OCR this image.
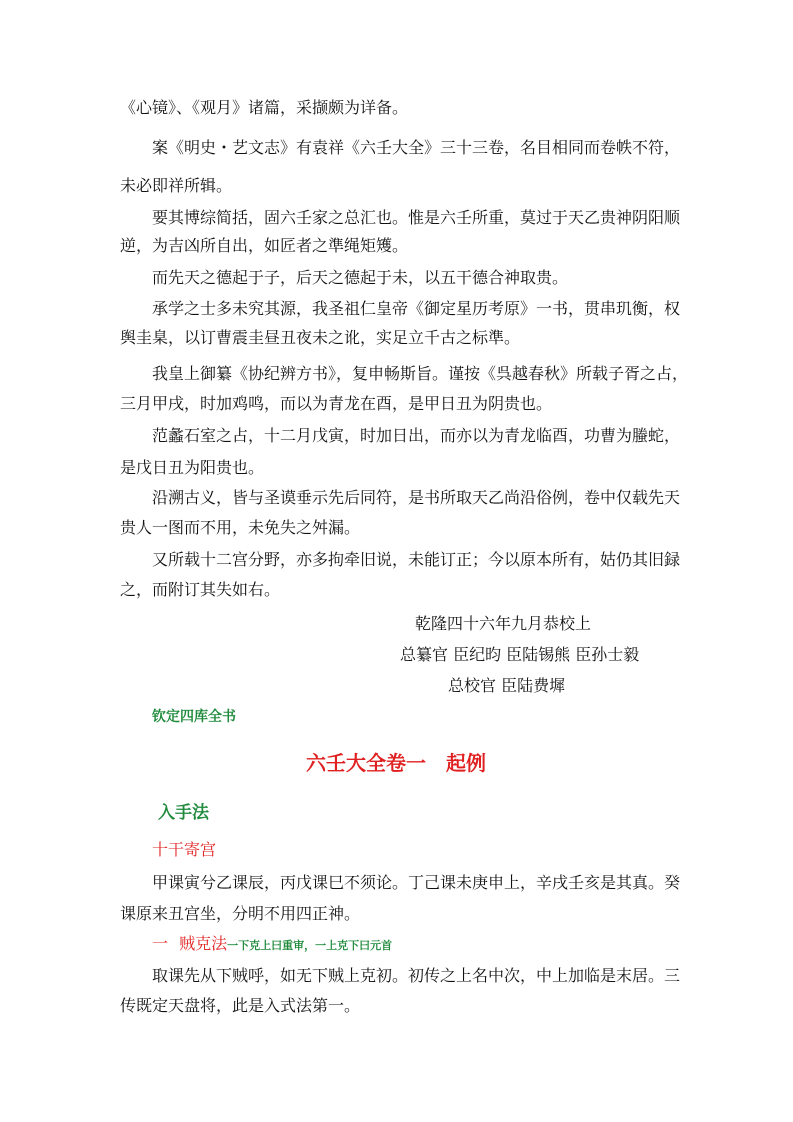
《心镜》、《观月》诸篇，采撷颇为详备。
案《明史・艺文志》有袁祥《六壬大全》三十三卷，名目相同而卷帙不符，
未必即祥所辑。
要其博综简括，固六壬家之总汇也。惟是六壬所重，莫过于天乙贵神阴阳顺
逆，为吉凶所自出，如匠者之準绳矩矱。
而先天之德起于子，后天之德起于未，以五干德合神取贵。
承学之士多未究其源，我圣祖仁皇帝《御定星历考原》一书，贯串玑衡，权
舆圭臬，以订曹震圭昼丑夜未之讹，实足立千古之标準。
我皇上御纂《协纪辨方书》，复申畅斯旨。谨按《呉越春秋》所载子胥之占，
三月甲戌，时加鸡鸣，而以为青龙在酉，是甲日丑为阴贵也。
范蠡石室之占，十二月戊寅，时加日出，而亦以为青龙临酉，功曹为螣蛇，
是戊日丑为阳贵也。
沿溯古义，皆与圣谟垂示先后同符，是书所取天乙尚沿俗例，卷中仅载先天
贵人一图而不用，未免失之舛漏。
又所载十二宫分野，亦多拘牵旧说，未能订正；今以原本所有，姑仍其旧録
之，而附订其失如右。
乾隆四十六年九月恭校上
总纂官 臣纪昀 臣陆锡熊 臣孙士毅
总校官 臣陆费墀
钦定四库全书
六壬大全卷一　起例
入手法
十干寄宫
甲课寅兮乙课辰，丙戊课巳不须论。丁己课未庚申上，辛戌壬亥是其真。癸
课原来丑宫坐，分明不用四正神。
一 贼克法一下克上曰重审，一上克下曰元首
取课先从下贼呼，如无下贼上克初。初传之上名中次，中上加临是末居。三
传既定天盘将，此是入式法第一。
